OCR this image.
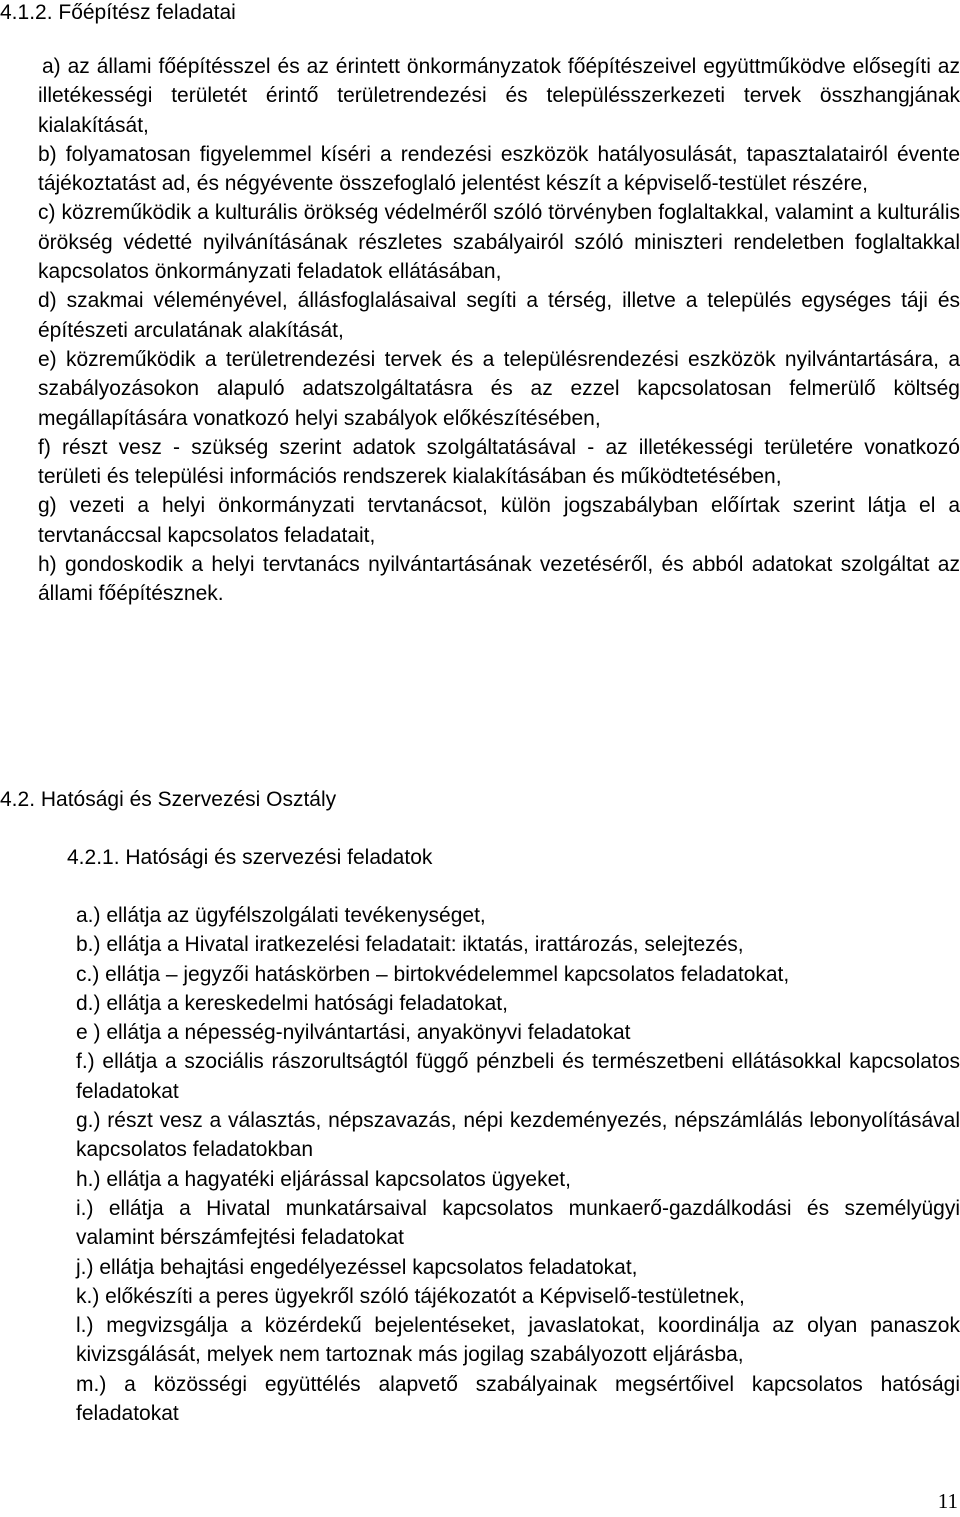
4.1.2. Főépítész feladatai

a) az állami főépítésszel és az érintett önkormányzatok főépítészeivel együttműködve elősegíti az illetékességi területét érintő területrendezési és településszerkezeti tervek összhangjának kialakítását,

b) folyamatosan figyelemmel kíséri a rendezési eszközök hatályosulását, tapasztalatairól évente tájékoztatást ad, és négyévente összefoglaló jelentést készít a képviselő-testület részére,

c) közreműködik a kulturális örökség védelméről szóló törvényben foglaltakkal, valamint a kulturális örökség védetté nyilvánításának részletes szabályairól szóló miniszteri rendeletben foglaltakkal kapcsolatos önkormányzati feladatok ellátásában,

d) szakmai véleményével, állásfoglalásaival segíti a térség, illetve a település egységes táji és építészeti arculatának alakítását,

e) közreműködik a területrendezési tervek és a településrendezési eszközök nyilvántartására, a szabályozásokon alapuló adatszolgáltatásra és az ezzel kapcsolatosan felmerülő költség megállapítására vonatkozó helyi szabályok előkészítésében,

f) részt vesz - szükség szerint adatok szolgáltatásával - az illetékességi területére vonatkozó területi és települési információs rendszerek kialakításában és működtetésében,

g) vezeti a helyi önkormányzati tervtanácsot, külön jogszabályban előírtak szerint látja el a tervtanáccsal kapcsolatos feladatait,

h) gondoskodik a helyi tervtanács nyilvántartásának vezetéséről, és abból adatokat szolgáltat az állami főépítésznek.

4.2. Hatósági és Szervezési Osztály
4.2.1. Hatósági és szervezési feladatok

a.) ellátja az ügyfélszolgálati tevékenységet,

b.) ellátja a Hivatal iratkezelési feladatait: iktatás, irattározás, selejtezés,

c.) ellátja – jegyzői hatáskörben – birtokvédelemmel kapcsolatos feladatokat,

d.) ellátja a kereskedelmi hatósági feladatokat,

e ) ellátja a népesség-nyilvántartási, anyakönyvi feladatokat

f.) ellátja a szociális rászorultságtól függő pénzbeli és természetbeni ellátásokkal kapcsolatos feladatokat

g.) részt vesz a választás, népszavazás, népi kezdeményezés, népszámlálás lebonyolításával kapcsolatos feladatokban

h.) ellátja a hagyatéki eljárással kapcsolatos ügyeket,

i.) ellátja a Hivatal munkatársaival kapcsolatos munkaerő-gazdálkodási és személyügyi valamint bérszámfejtési feladatokat

j.) ellátja behajtási engedélyezéssel kapcsolatos feladatokat,

k.) előkészíti a peres ügyekről szóló tájékozatót a Képviselő-testületnek,

l.) megvizsgálja a közérdekű bejelentéseket, javaslatokat, koordinálja az olyan panaszok kivizsgálását, melyek nem tartoznak más jogilag szabályozott eljárásba,

m.) a közösségi együttélés alapvető szabályainak megsértőivel kapcsolatos hatósági feladatokat

11
